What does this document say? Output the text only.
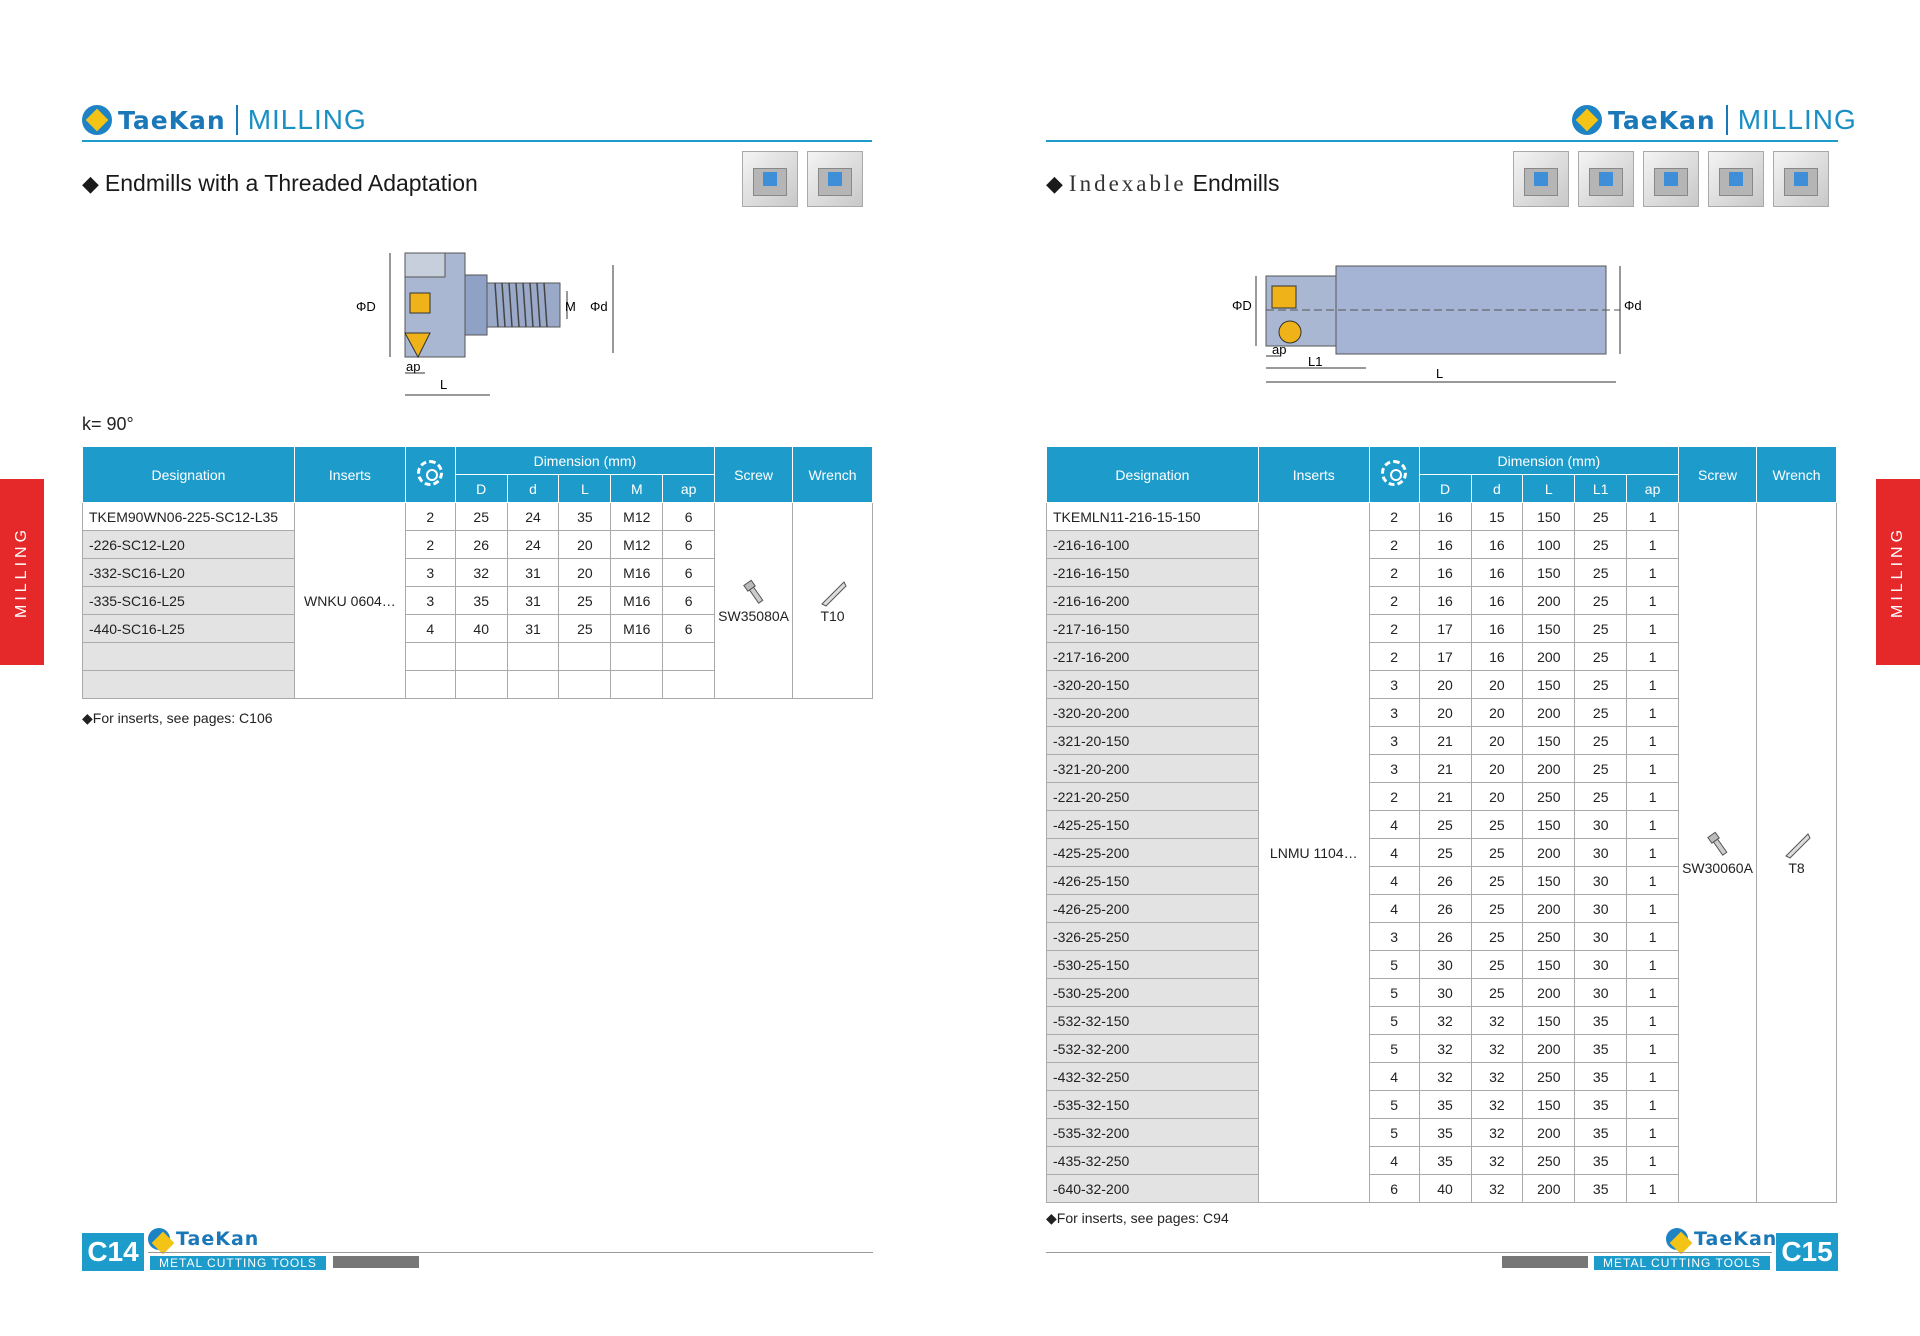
TaeKan MILLING
◆ Endmills with a Threaded Adaptation
ΦD	M Φd
ap
L
k= 90°
Designation	Inserts		Dimension (mm)					Screw	Wrench
			D	d	L	M	ap		
TKEM90WN06-225-SC12-L35	WNKU 0604…	2	25	24	35	M12	6	SW35080A	T10
-226-SC12-L20		2	26	24	20	M12	6		
-332-SC16-L20		3	32	31	20	M16	6		
-335-SC16-L25		3	35	31	25	M16	6		
-440-SC16-L25		4	40	31	25	M16	6		

◆For inserts, see pages: C106
MILLING
C14 TaeKan
METAL CUTTING TOOLS
TaeKan MILLING
◆ Indexable Endmills
ΦD	Φd
ap
L1
L
Designation	Inserts		Dimension (mm)					Screw	Wrench
			D	d	L	L1	ap		
TKEMLN11-216-15-150	LNMU 1104…	2	16	15	150	25	1	SW30060A	T8
-216-16-100		2	16	16	100	25	1		
-216-16-150		2	16	16	150	25	1		
-216-16-200		2	16	16	200	25	1		
-217-16-150		2	17	16	150	25	1		
-217-16-200		2	17	16	200	25	1		
-320-20-150		3	20	20	150	25	1		
-320-20-200		3	20	20	200	25	1		
-321-20-150		3	21	20	150	25	1		
-321-20-200		3	21	20	200	25	1		
-221-20-250		2	21	20	250	25	1		
-425-25-150		4	25	25	150	30	1		
-425-25-200		4	25	25	200	30	1		
-426-25-150		4	26	25	150	30	1		
-426-25-200		4	26	25	200	30	1		
-326-25-250		3	26	25	250	30	1		
-530-25-150		5	30	25	150	30	1		
-530-25-200		5	30	25	200	30	1		
-532-32-150		5	32	32	150	35	1		
-532-32-200		5	32	32	200	35	1		
-432-32-250		4	32	32	250	35	1		
-535-32-150		5	35	32	150	35	1		
-535-32-200		5	35	32	200	35	1		
-435-32-250		4	35	32	250	35	1		
-640-32-200		6	40	32	200	35	1		
◆For inserts, see pages: C94
MILLING
C15
TaeKan
METAL CUTTING TOOLS
